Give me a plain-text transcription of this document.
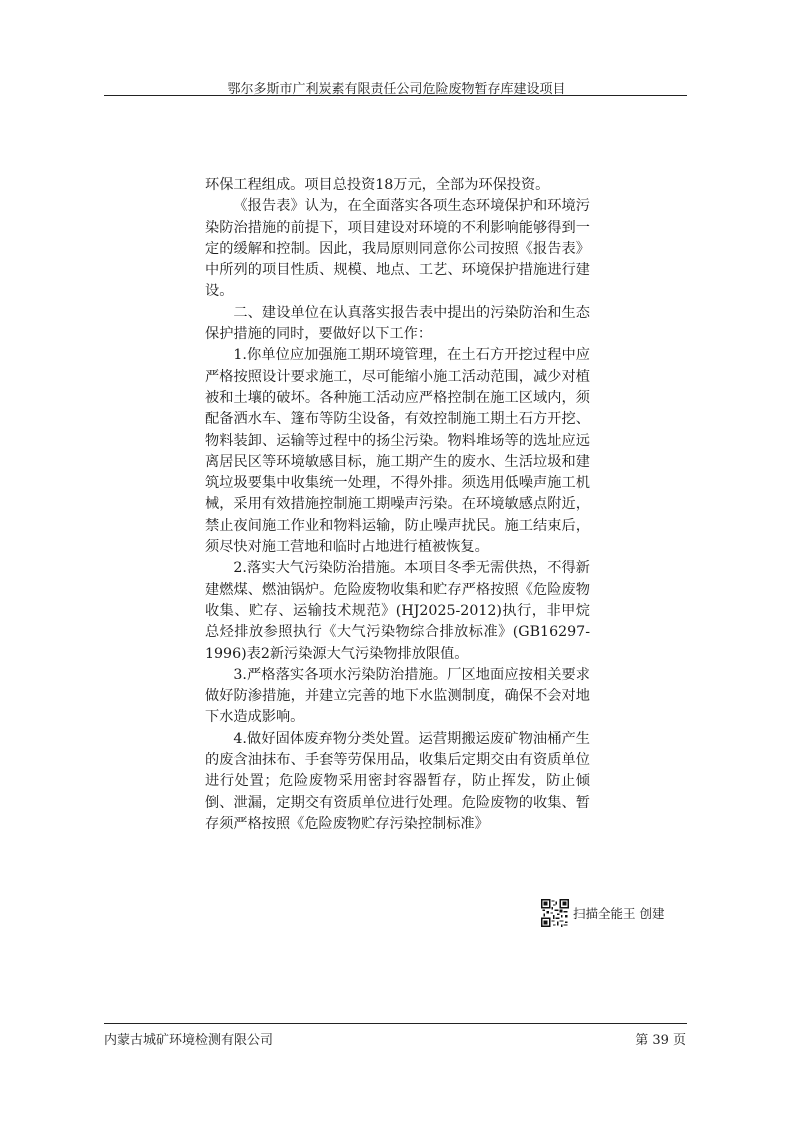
鄂尔多斯市广利炭素有限责任公司危险废物暂存库建设项目

环保工程组成。项目总投资18万元，全部为环保投资。

《报告表》认为，在全面落实各项生态环境保护和环境污染防治措施的前提下，项目建设对环境的不利影响能够得到一定的缓解和控制。因此，我局原则同意你公司按照《报告表》中所列的项目性质、规模、地点、工艺、环境保护措施进行建设。

二、建设单位在认真落实报告表中提出的污染防治和生态保护措施的同时，要做好以下工作：

1.你单位应加强施工期环境管理，在土石方开挖过程中应严格按照设计要求施工，尽可能缩小施工活动范围，减少对植被和土壤的破坏。各种施工活动应严格控制在施工区域内，须配备洒水车、篷布等防尘设备，有效控制施工期土石方开挖、物料装卸、运输等过程中的扬尘污染。物料堆场等的选址应远离居民区等环境敏感目标，施工期产生的废水、生活垃圾和建筑垃圾要集中收集统一处理，不得外排。须选用低噪声施工机械，采用有效措施控制施工期噪声污染。在环境敏感点附近，禁止夜间施工作业和物料运输，防止噪声扰民。施工结束后，须尽快对施工营地和临时占地进行植被恢复。

2.落实大气污染防治措施。本项目冬季无需供热，不得新建燃煤、燃油锅炉。危险废物收集和贮存严格按照《危险废物收集、贮存、运输技术规范》(HJ2025-2012)执行，非甲烷总烃排放参照执行《大气污染物综合排放标准》(GB16297-1996)表2新污染源大气污染物排放限值。

3.严格落实各项水污染防治措施。厂区地面应按相关要求做好防渗措施，并建立完善的地下水监测制度，确保不会对地下水造成影响。

4.做好固体废弃物分类处置。运营期搬运废矿物油桶产生的废含油抹布、手套等劳保用品，收集后定期交由有资质单位进行处置；危险废物采用密封容器暂存，防止挥发，防止倾倒、泄漏，定期交有资质单位进行处理。危险废物的收集、暂存须严格按照《危险废物贮存污染控制标准》

扫描全能王 创建
内蒙古城矿环境检测有限公司	第 39 页
